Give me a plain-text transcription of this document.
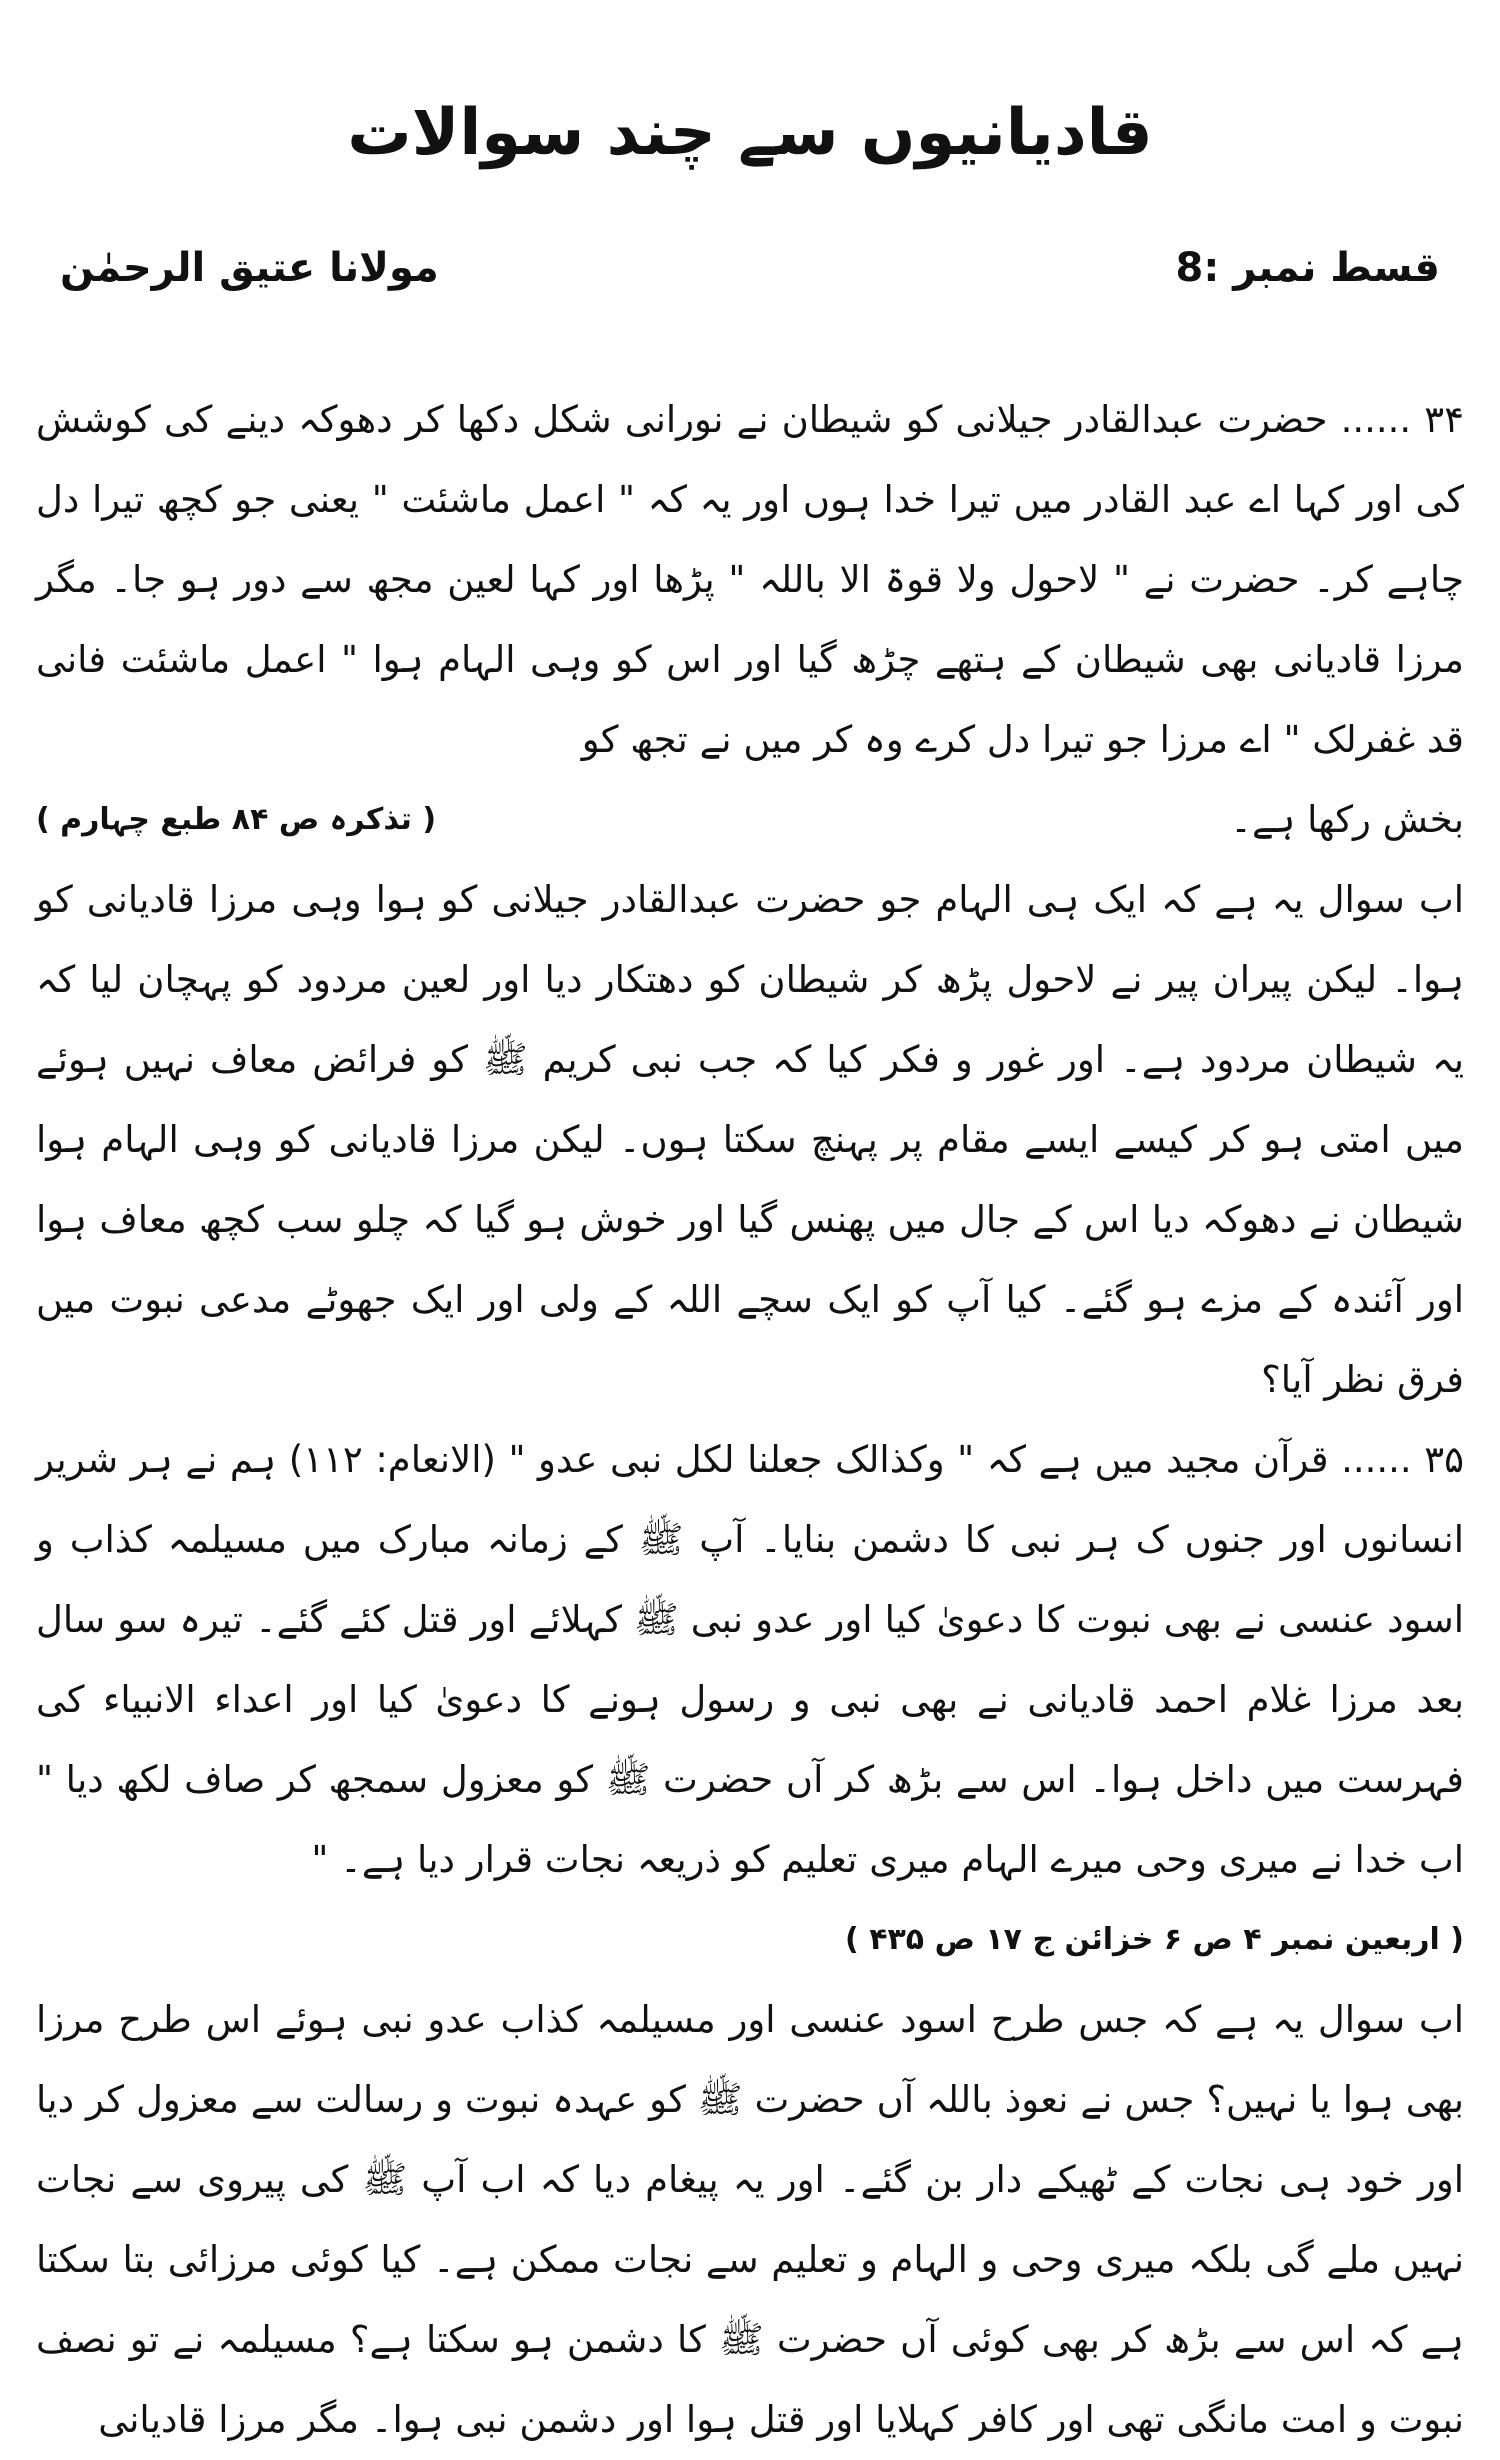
قادیانیوں سے چند سوالات
قسط نمبر :8
مولانا عتیق الرحمٰن

۳۴ ...... حضرت عبدالقادر جیلانی کو شیطان نے نورانی شکل دکھا کر دھوکہ دینے کی کوشش کی اور کہا اے عبد القادر میں تیرا خدا ہوں اور یہ کہ " اعمل ماشئت " یعنی جو کچھ تیرا دل چاہے کر۔ حضرت نے " لاحول ولا قوۃ الا باللہ " پڑھا اور کہا لعین مجھ سے دور ہو جا۔ مگر مرزا قادیانی بھی شیطان کے ہتھے چڑھ گیا اور اس کو وہی الہام ہوا " اعمل ماشئت فانی قد غفرلک " اے مرزا جو تیرا دل کرے وہ کر میں نے تجھ کو

بخش رکھا ہے۔
( تذکرہ ص ۸۴ طبع چہارم )

اب سوال یہ ہے کہ ایک ہی الہام جو حضرت عبدالقادر جیلانی کو ہوا وہی مرزا قادیانی کو ہوا۔ لیکن پیران پیر نے لاحول پڑھ کر شیطان کو دھتکار دیا اور لعین مردود کو پہچان لیا کہ یہ شیطان مردود ہے۔ اور غور و فکر کیا کہ جب نبی کریم ﷺ کو فرائض معاف نہیں ہوئے میں امتی ہو کر کیسے ایسے مقام پر پہنچ سکتا ہوں۔ لیکن مرزا قادیانی کو وہی الہام ہوا شیطان نے دھوکہ دیا اس کے جال میں پھنس گیا اور خوش ہو گیا کہ چلو سب کچھ معاف ہوا اور آئندہ کے مزے ہو گئے۔ کیا آپ کو ایک سچے اللہ کے ولی اور ایک جھوٹے مدعی نبوت میں فرق نظر آیا؟

۳۵ ...... قرآن مجید میں ہے کہ " وکذالک جعلنا لکل نبی عدو " (الانعام: ۱۱۲) ہم نے ہر شریر انسانوں اور جنوں ک ہر نبی کا دشمن بنایا۔ آپ ﷺ کے زمانہ مبارک میں مسیلمہ کذاب و اسود عنسی نے بھی نبوت کا دعویٰ کیا اور عدو نبی ﷺ کہلائے اور قتل کئے گئے۔ تیرہ سو سال بعد مرزا غلام احمد قادیانی نے بھی نبی و رسول ہونے کا دعویٰ کیا اور اعداء الانبیاء کی فہرست میں داخل ہوا۔ اس سے بڑھ کر آں حضرت ﷺ کو معزول سمجھ کر صاف لکھ دیا " اب خدا نے میری وحی میرے الہام میری تعلیم کو ذریعہ نجات قرار دیا ہے۔ "

( اربعین نمبر ۴ ص ۶ خزائن ج ۱۷ ص ۴۳۵ )

اب سوال یہ ہے کہ جس طرح اسود عنسی اور مسیلمہ کذاب عدو نبی ہوئے اس طرح مرزا بھی ہوا یا نہیں؟ جس نے نعوذ باللہ آں حضرت ﷺ کو عہدہ نبوت و رسالت سے معزول کر دیا اور خود ہی نجات کے ٹھیکے دار بن گئے۔ اور یہ پیغام دیا کہ اب آپ ﷺ کی پیروی سے نجات نہیں ملے گی بلکہ میری وحی و الہام و تعلیم سے نجات ممکن ہے۔ کیا کوئی مرزائی بتا سکتا ہے کہ اس سے بڑھ کر بھی کوئی آں حضرت ﷺ کا دشمن ہو سکتا ہے؟ مسیلمہ نے تو نصف نبوت و امت مانگی تھی اور کافر کہلایا اور قتل ہوا اور دشمن نبی ہوا۔ مگر مرزا قادیانی
